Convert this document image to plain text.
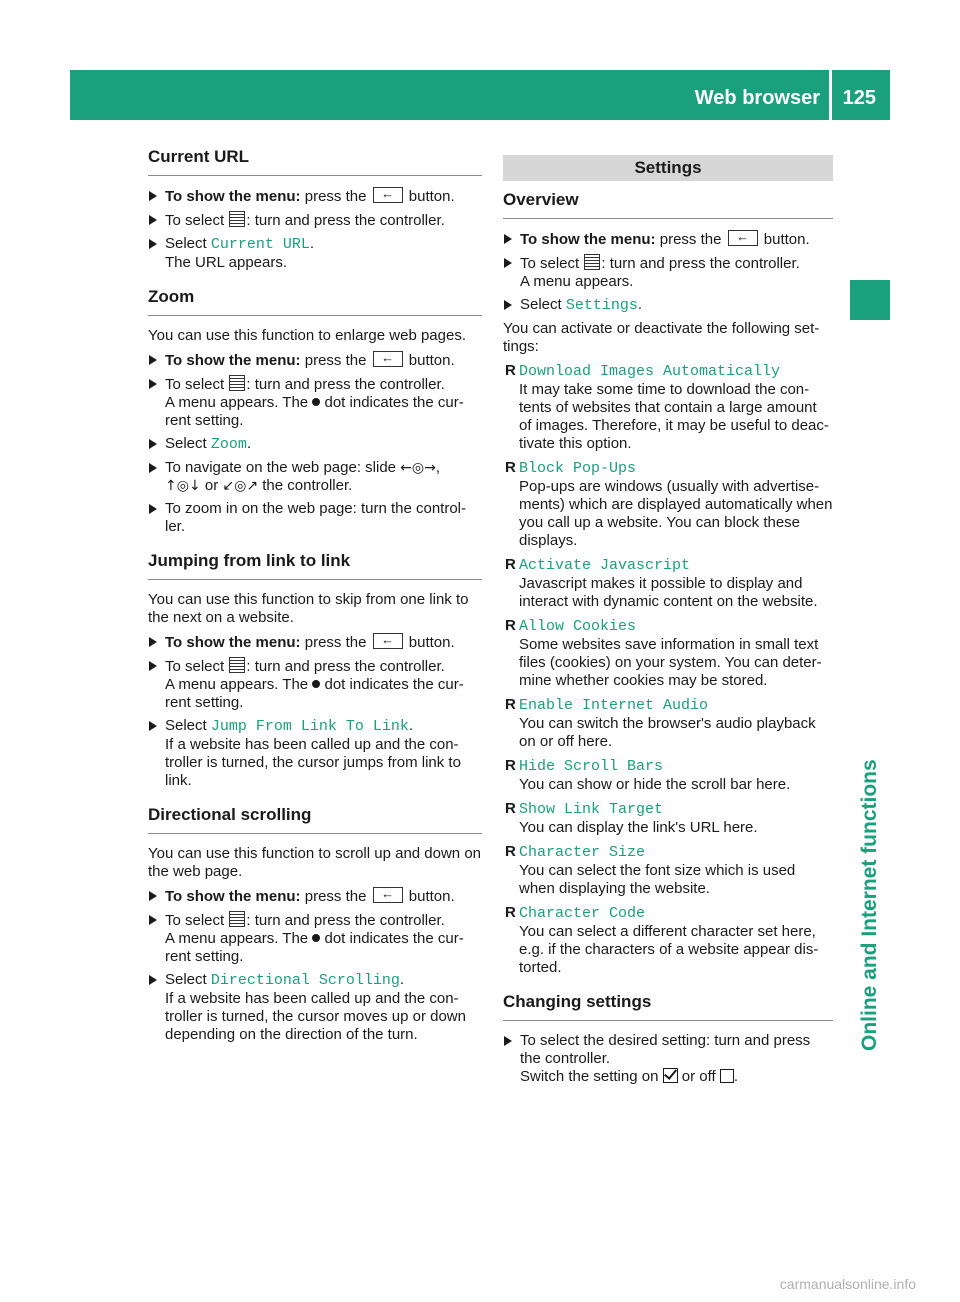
Web browser 125
Online and Internet functions
Current URL
To show the menu: press the ←	button.
To select : turn and press the controller.
Select Current URL.
The URL appears.
Zoom

You can use this function to enlarge web pages.

To show the menu: press the ←	button.
To select : turn and press the controller.
A menu appears. The dot indicates the cur-rent setting.
Select Zoom.
To navigate on the web page: slide ←◎→,
↑◎↓ or ↙◎↗ the controller.
To zoom in on the web page: turn the control-ler.
Jumping from link to link

You can use this function to skip from one link to the next on a website.

To show the menu: press the ←	button.
To select : turn and press the controller.
A menu appears. The dot indicates the cur-rent setting.
Select Jump From Link To Link.
If a website has been called up and the con-troller is turned, the cursor jumps from link to link.
Directional scrolling

You can use this function to scroll up and down on the web page.

To show the menu: press the ←	button.
To select : turn and press the controller.
A menu appears. The dot indicates the cur-rent setting.
Select Directional Scrolling.
If a website has been called up and the con-troller is turned, the cursor moves up or down depending on the direction of the turn.
Settings
Overview
To show the menu: press the ←	button.
To select : turn and press the controller.
A menu appears.
Select Settings.

You can activate or deactivate the following set-tings:

R Download Images Automatically
It may take some time to download the con-tents of websites that contain a large amount of images. Therefore, it may be useful to deac-tivate this option.
R Block Pop-Ups
Pop-ups are windows (usually with advertise-ments) which are displayed automatically when you call up a website. You can block these displays.
R Activate Javascript
Javascript makes it possible to display and interact with dynamic content on the website.
R Allow Cookies
Some websites save information in small text files (cookies) on your system. You can deter-mine whether cookies may be stored.
R Enable Internet Audio
You can switch the browser's audio playback on or off here.
R Hide Scroll Bars
You can show or hide the scroll bar here.
R Show Link Target
You can display the link's URL here.
R Character Size
You can select the font size which is used when displaying the website.
R Character Code
You can select a different character set here, e.g. if the characters of a website appear dis-torted.
Changing settings
To select the desired setting: turn and press the controller.
Switch the setting on or off .
carmanualsonline.info
